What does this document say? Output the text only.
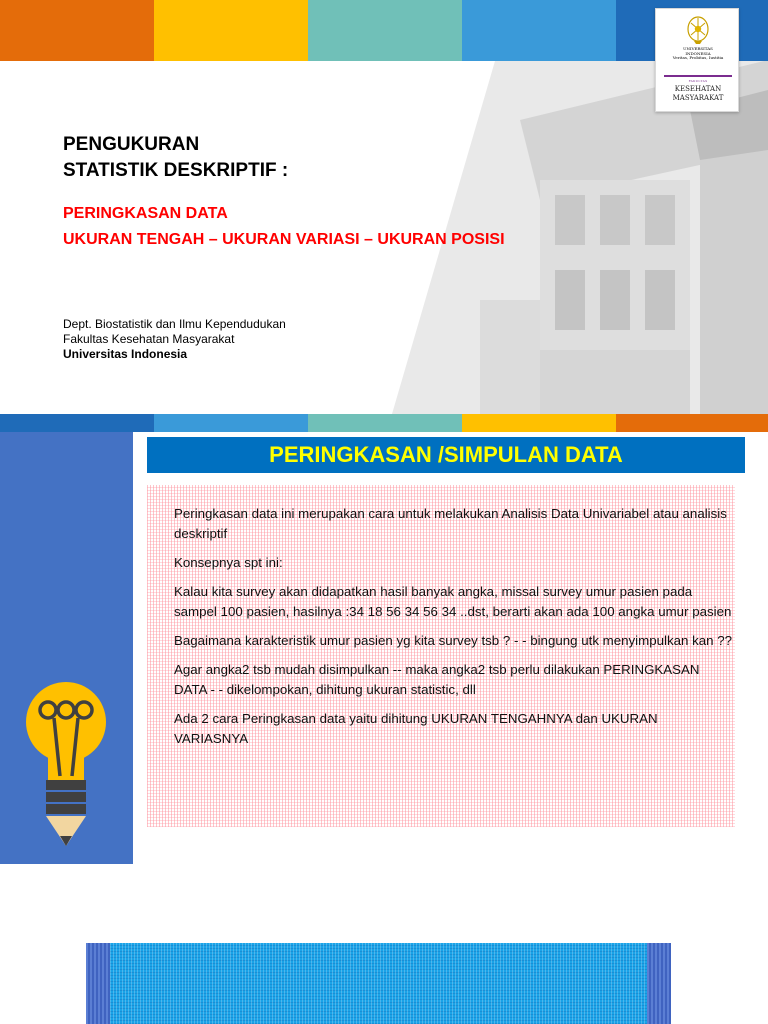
UNIVERSITAS
INDONESIA
Veritas, Probitas, Iustitia
FAKULTAS
KESEHATAN
MASYARAKAT
PENGUKURAN
STATISTIK DESKRIPTIF :
PERINGKASAN DATA
UKURAN TENGAH – UKURAN VARIASI – UKURAN POSISI
Dept. Biostatistik dan Ilmu Kependudukan
Fakultas Kesehatan Masyarakat
Universitas Indonesia
PERINGKASAN /SIMPULAN DATA

Peringkasan data ini merupakan cara untuk melakukan Analisis Data Univariabel atau analisis deskriptif

Konsepnya spt ini:

Kalau kita survey akan didapatkan hasil banyak angka, missal survey umur pasien pada sampel 100 pasien, hasilnya :34 18 56 34 56 34 ..dst, berarti akan ada 100 angka umur pasien

Bagaimana karakteristik umur pasien yg kita survey tsb ? - - bingung utk menyimpulkan kan ??

Agar angka2 tsb mudah disimpulkan -- maka angka2 tsb perlu dilakukan PERINGKASAN DATA - - dikelompokan, dihitung ukuran statistic, dll

Ada 2 cara Peringkasan data yaitu dihitung UKURAN TENGAHNYA dan UKURAN VARIASNYA
